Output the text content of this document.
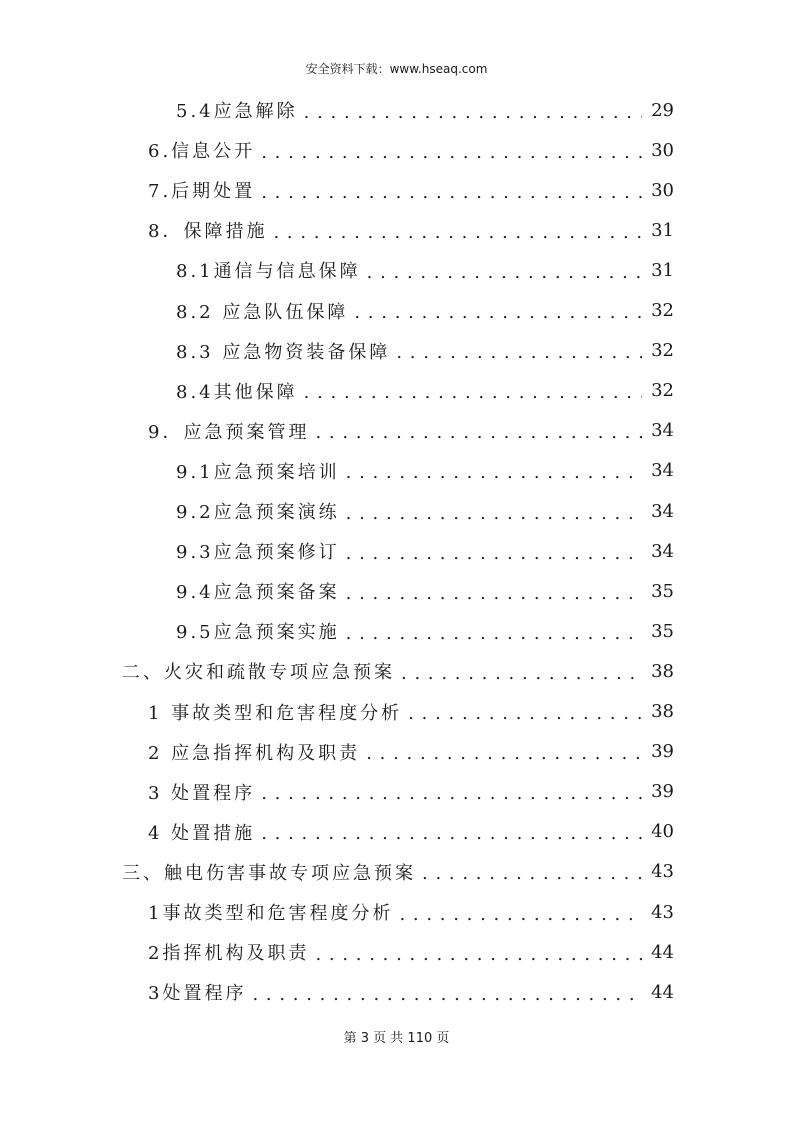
安全资料下载：www.hseaq.com
5.4应急解除 . . .	29
6.信息公开 . . .	30
7.后期处置 . . .	30
8．保障措施 . . .	31
8.1通信与信息保障 . . .	31
8.2 应急队伍保障 . . .	32
8.3 应急物资装备保障 . . .	32
8.4其他保障 . . .	32
9．应急预案管理 . . .	34
9.1应急预案培训 . . .	34
9.2应急预案演练 . . .	34
9.3应急预案修订 . . .	34
9.4应急预案备案 . . .	35
9.5应急预案实施 . . .	35
二、火灾和疏散专项应急预案 . . .	38
1 事故类型和危害程度分析 . . .	38
2 应急指挥机构及职责 . . .	39
3 处置程序 . . .	39
4 处置措施 . . .	40
三、触电伤害事故专项应急预案 . . .	43
1事故类型和危害程度分析 . . .	43
2指挥机构及职责 . . .	44
3处置程序 . . .	44
第 3 页 共 110 页
